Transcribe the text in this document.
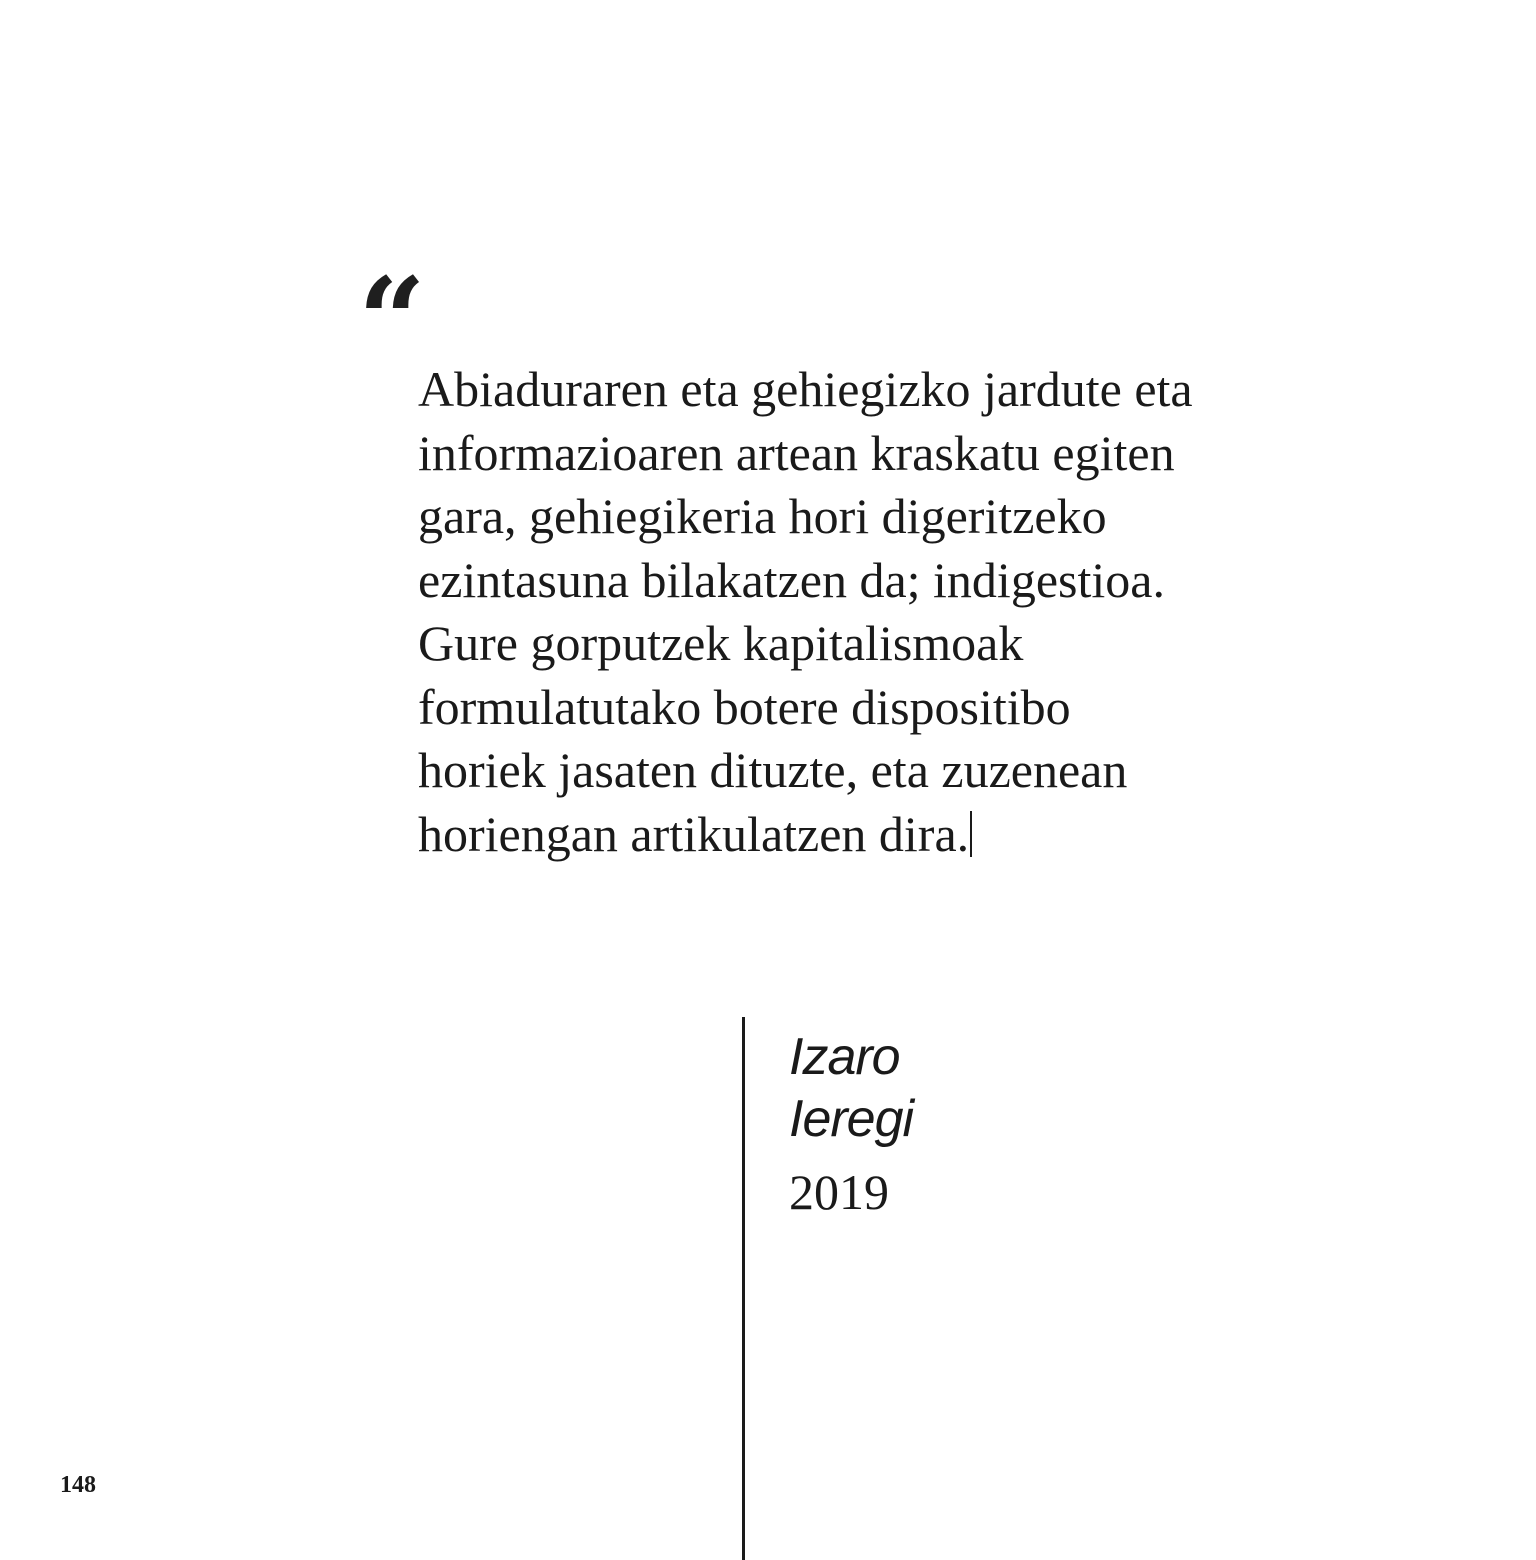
“

Abiaduraren eta gehiegizko jardute eta
informazioaren artean kraskatu egiten
gara, gehiegikeria hori digeritzeko
ezintasuna bilakatzen da; indigestioa.
Gure gorputzek kapitalismoak
formulatutako botere dispositibo
horiek jasaten dituzte, eta zuzenean
horiengan artikulatzen dira.

Izaro
Ieregi
2019
148
